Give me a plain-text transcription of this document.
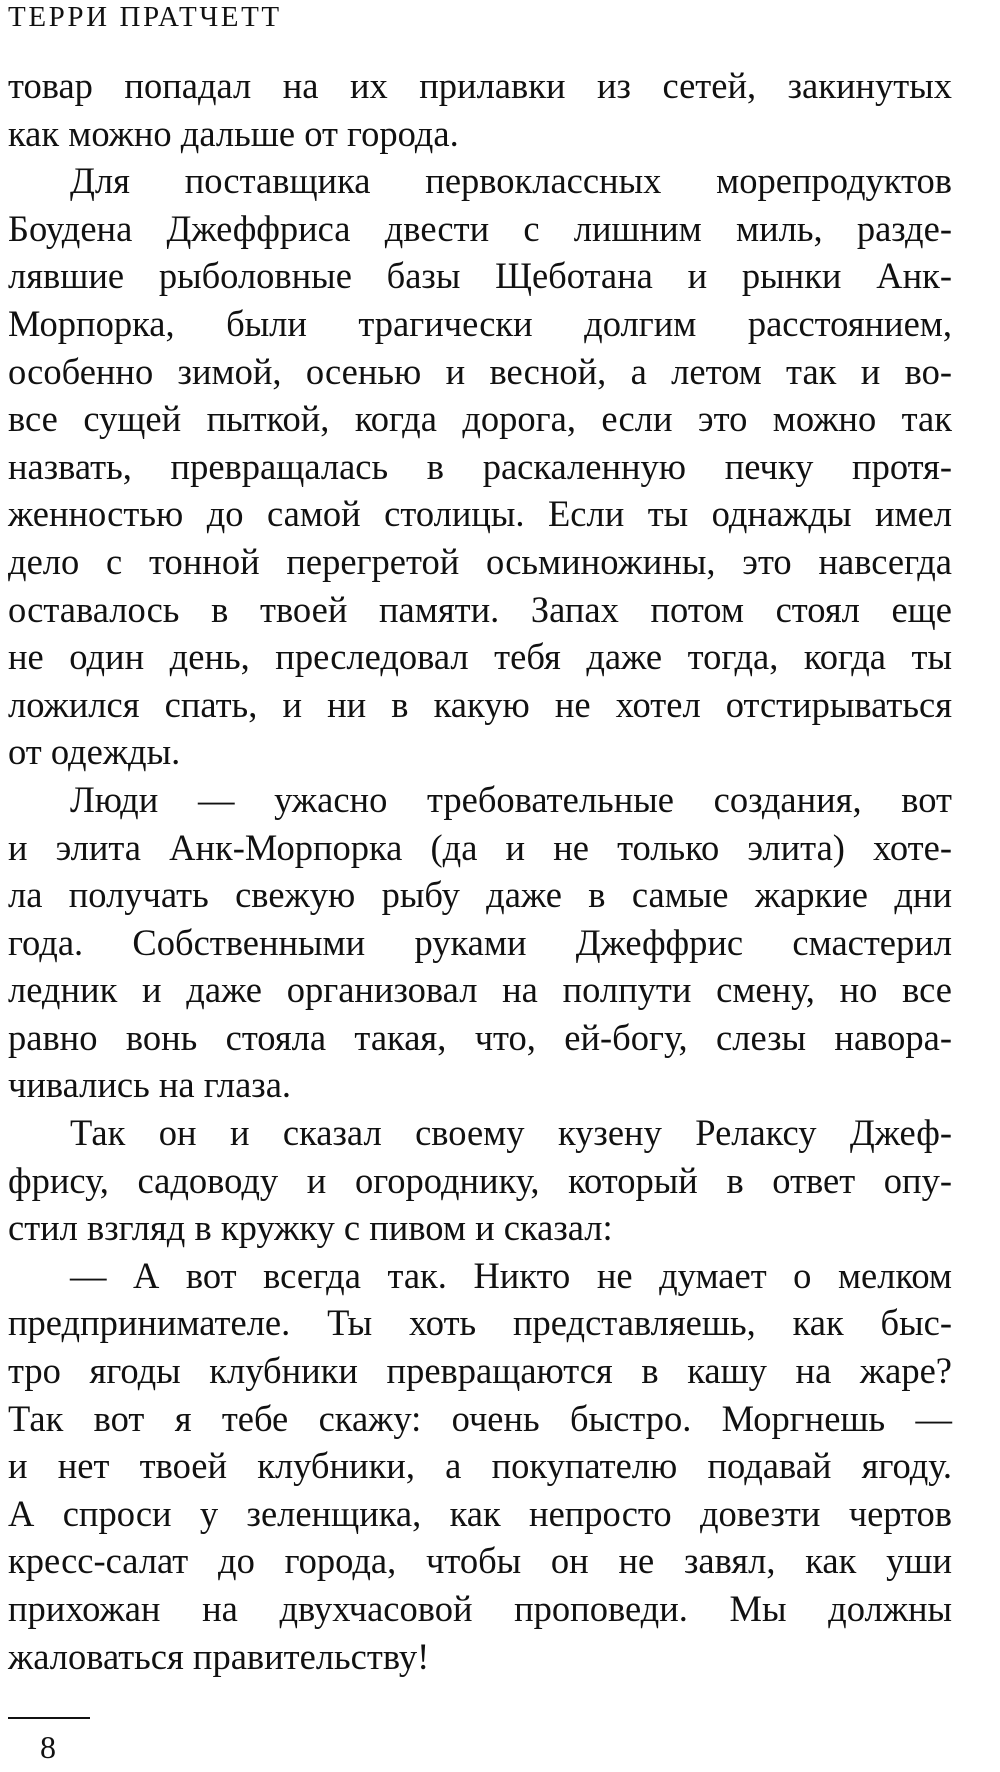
ТЕРРИ ПРАТЧЕТТ
товар попадал на их прилавки из сетей, закинутых
как можно дальше от города.
Для поставщика первоклассных морепродуктов
Боудена Джеффриса двести с лишним миль, разде-
лявшие рыболовные базы Щеботана и рынки Анк-
Морпорка, были трагически долгим расстоянием,
особенно зимой, осенью и весной, а летом так и во-
все сущей пыткой, когда дорога, если это можно так
назвать, превращалась в раскаленную печку протя-
женностью до самой столицы. Если ты однажды имел
дело с тонной перегретой осьминожины, это навсегда
оставалось в твоей памяти. Запах потом стоял еще
не один день, преследовал тебя даже тогда, когда ты
ложился спать, и ни в какую не хотел отстирываться
от одежды.
Люди — ужасно требовательные создания, вот
и элита Анк-Морпорка (да и не только элита) хоте-
ла получать свежую рыбу даже в самые жаркие дни
года. Собственными руками Джеффрис смастерил
ледник и даже организовал на полпути смену, но все
равно вонь стояла такая, что, ей-богу, слезы навора-
чивались на глаза.
Так он и сказал своему кузену Релаксу Джеф-
фрису, садоводу и огороднику, который в ответ опу-
стил взгляд в кружку с пивом и сказал:
— А вот всегда так. Никто не думает о мелком
предпринимателе. Ты хоть представляешь, как быс-
тро ягоды клубники превращаются в кашу на жаре?
Так вот я тебе скажу: очень быстро. Моргнешь —
и нет твоей клубники, а покупателю подавай ягоду.
А спроси у зеленщика, как непросто довезти чертов
кресс-салат до города, чтобы он не завял, как уши
прихожан на двухчасовой проповеди. Мы должны
жаловаться правительству!
8
